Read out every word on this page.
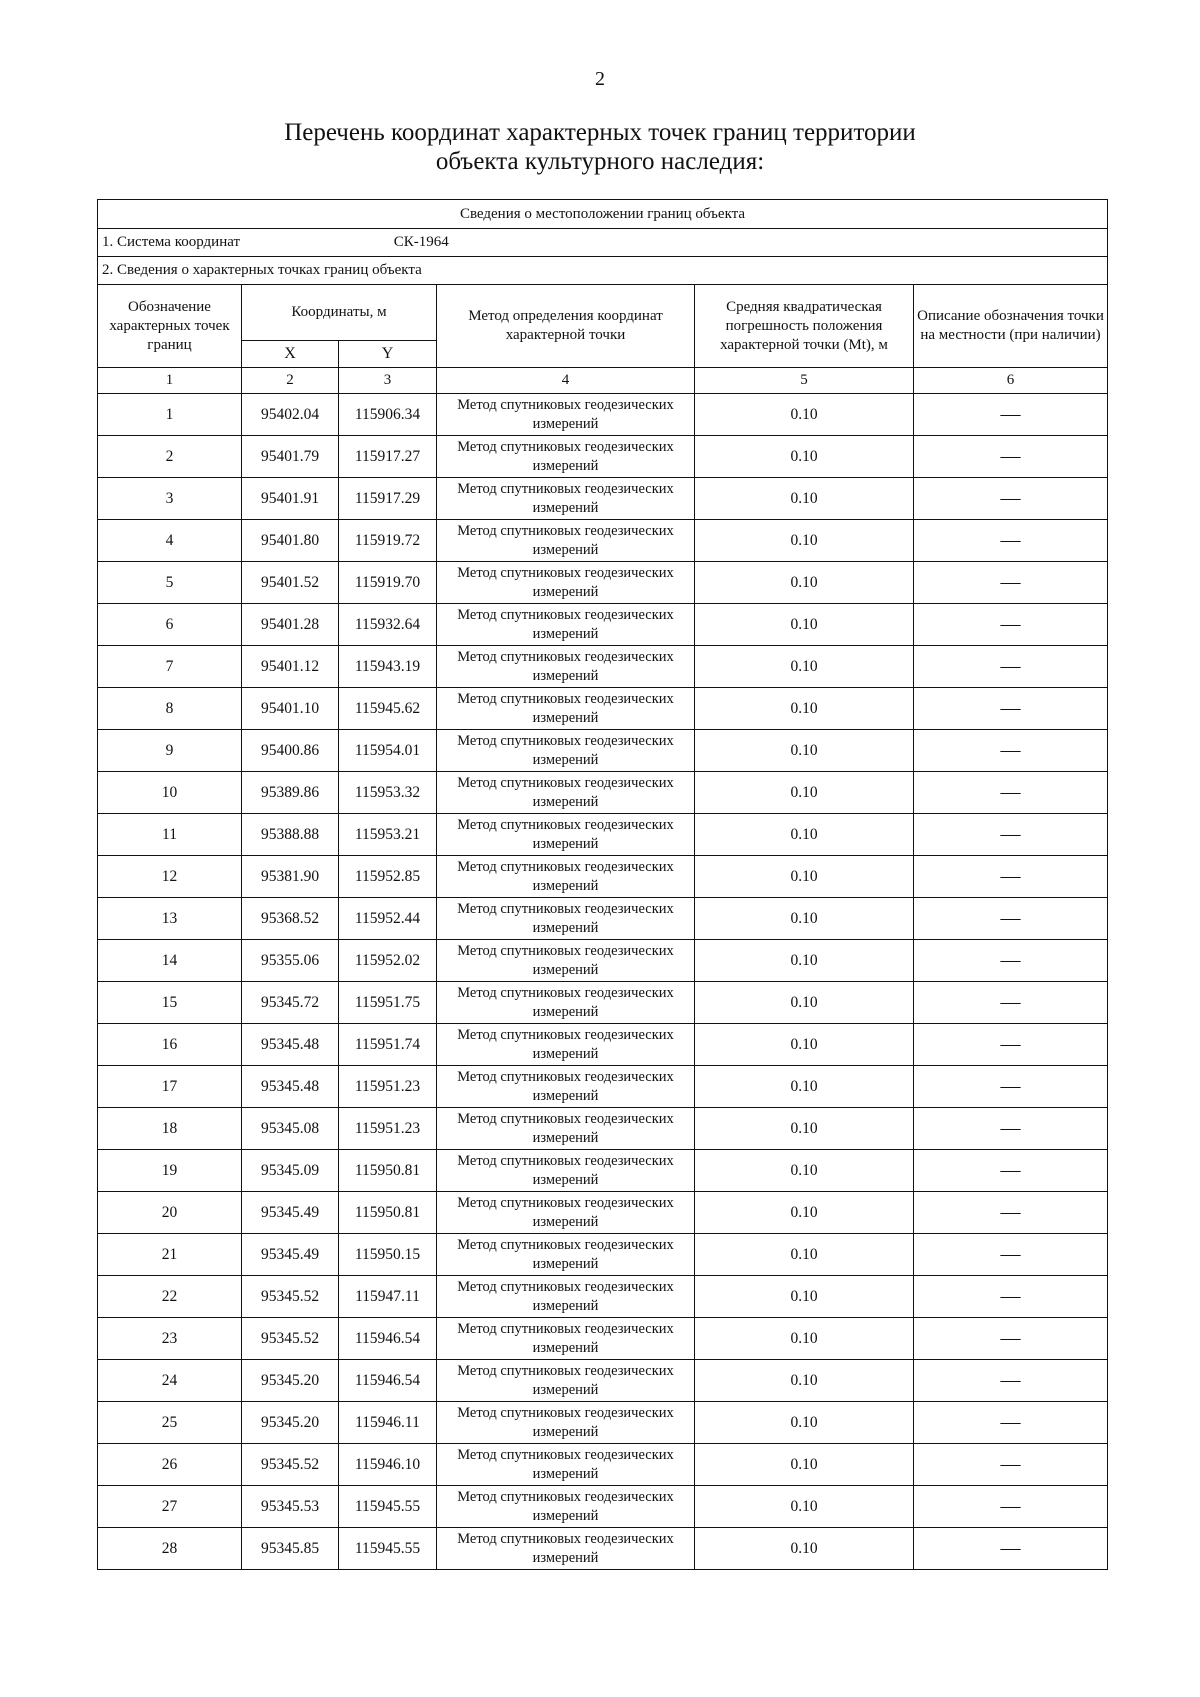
2
Перечень координат характерных точек границ территории
объекта культурного наследия:
Сведения о местоположении границ объекта					
1. Система координат СК-1964					
2. Сведения о характерных точках границ объекта					
Обозначение характерных точек границ	Координаты, м		Метод определения координат характерной точки	Средняя квадратическая погрешность положения характерной точки (Mt), м	Описание обозначения точки на местности (при наличии)
	X	Y			
1	2	3	4	5	6
1	95402.04	115906.34	Метод спутниковых геодезических измерений	0.10	—
2	95401.79	115917.27	Метод спутниковых геодезических измерений	0.10	—
3	95401.91	115917.29	Метод спутниковых геодезических измерений	0.10	—
4	95401.80	115919.72	Метод спутниковых геодезических измерений	0.10	—
5	95401.52	115919.70	Метод спутниковых геодезических измерений	0.10	—
6	95401.28	115932.64	Метод спутниковых геодезических измерений	0.10	—
7	95401.12	115943.19	Метод спутниковых геодезических измерений	0.10	—
8	95401.10	115945.62	Метод спутниковых геодезических измерений	0.10	—
9	95400.86	115954.01	Метод спутниковых геодезических измерений	0.10	—
10	95389.86	115953.32	Метод спутниковых геодезических измерений	0.10	—
11	95388.88	115953.21	Метод спутниковых геодезических измерений	0.10	—
12	95381.90	115952.85	Метод спутниковых геодезических измерений	0.10	—
13	95368.52	115952.44	Метод спутниковых геодезических измерений	0.10	—
14	95355.06	115952.02	Метод спутниковых геодезических измерений	0.10	—
15	95345.72	115951.75	Метод спутниковых геодезических измерений	0.10	—
16	95345.48	115951.74	Метод спутниковых геодезических измерений	0.10	—
17	95345.48	115951.23	Метод спутниковых геодезических измерений	0.10	—
18	95345.08	115951.23	Метод спутниковых геодезических измерений	0.10	—
19	95345.09	115950.81	Метод спутниковых геодезических измерений	0.10	—
20	95345.49	115950.81	Метод спутниковых геодезических измерений	0.10	—
21	95345.49	115950.15	Метод спутниковых геодезических измерений	0.10	—
22	95345.52	115947.11	Метод спутниковых геодезических измерений	0.10	—
23	95345.52	115946.54	Метод спутниковых геодезических измерений	0.10	—
24	95345.20	115946.54	Метод спутниковых геодезических измерений	0.10	—
25	95345.20	115946.11	Метод спутниковых геодезических измерений	0.10	—
26	95345.52	115946.10	Метод спутниковых геодезических измерений	0.10	—
27	95345.53	115945.55	Метод спутниковых геодезических измерений	0.10	—
28	95345.85	115945.55	Метод спутниковых геодезических измерений	0.10	—
